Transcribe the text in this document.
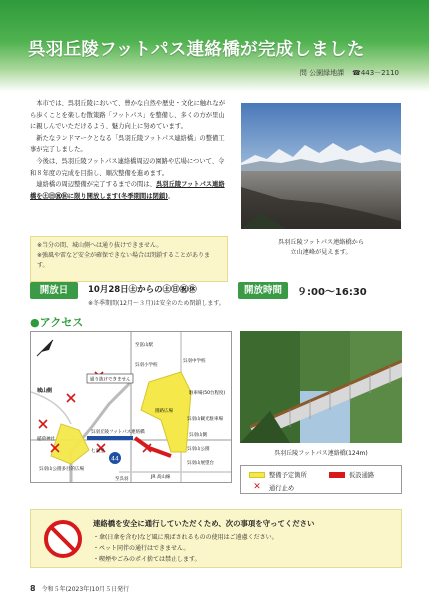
呉羽丘陵フットパス連絡橋が完成しました
問 公園緑地課 ☎443－2110

本市では、呉羽丘陵において、豊かな自然や歴史・文化に触れながら歩くことを楽しむ散策路「フットパス」を整備し、多くの方が里山に親しんでいただけるよう、魅力向上に努めています。

新たなランドマークとなる「呉羽丘陵フットパス連絡橋」の整備工事が完了しました。

今後は、呉羽丘陵フットパス連絡橋周辺の園路や広場について、令和８年度の完成を目指し、順次整備を進めます。

連絡橋の周辺整備が完了するまでの間は、呉羽丘陵フットパス連絡橋を㊏㊐㊗㊡に限り開放します(冬季期間は閉鎖)。

※当分の間、城山側へは通り抜けできません。
※強風や雷など安全が確保できない場合は閉鎖することがあります。
呉羽丘陵フットパス連絡橋から
立山連峰が見えます。
開放日	10月28日㊏からの㊏㊐㊗㊡
※冬季期間(12月～３月)は安全のため閉鎖します。
開放時間	９:00～16:30
●アクセス
44
通り抜けできません
城山側
呉羽丘陵フットパス連絡橋
稲荷神社
七面堂
園路広場
駐車場(50台程度)
呉羽山観光駐車場
至富山駅
至呉羽	JR 高山線
呉羽小学校
呉羽中学校
呉羽山公園
呉羽山展望台
呉羽山側
呉羽山公園多目的広場
呉羽丘陵フットパス連絡橋(124m)
整備予定箇所	仮設通路
✕	通行止め
連絡橋を安全に通行していただくため、次の事項を守ってください
・傘(日傘を含む)など風に飛ばされるものの使用はご遠慮ください。
・ペット同伴の通行はできません。
・喫煙やごみのポイ捨ては禁止します。
8 令和５年(2023年)10月５日発行
